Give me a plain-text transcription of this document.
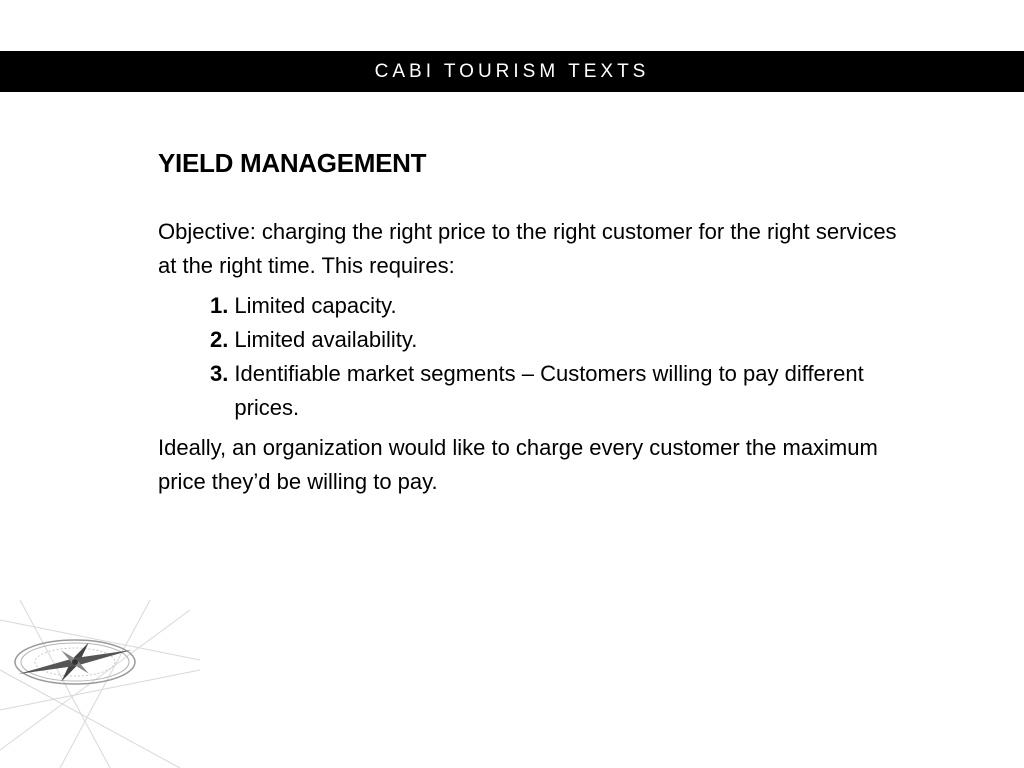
CABI TOURISM TEXTS
YIELD MANAGEMENT

Objective: charging the right price to the right customer for the right services at the right time. This requires:

1. Limited capacity.
2. Limited availability.
3. Identifiable market segments – Customers willing to pay different prices.

Ideally, an organization would like to charge every customer the maximum price they’d be willing to pay.
